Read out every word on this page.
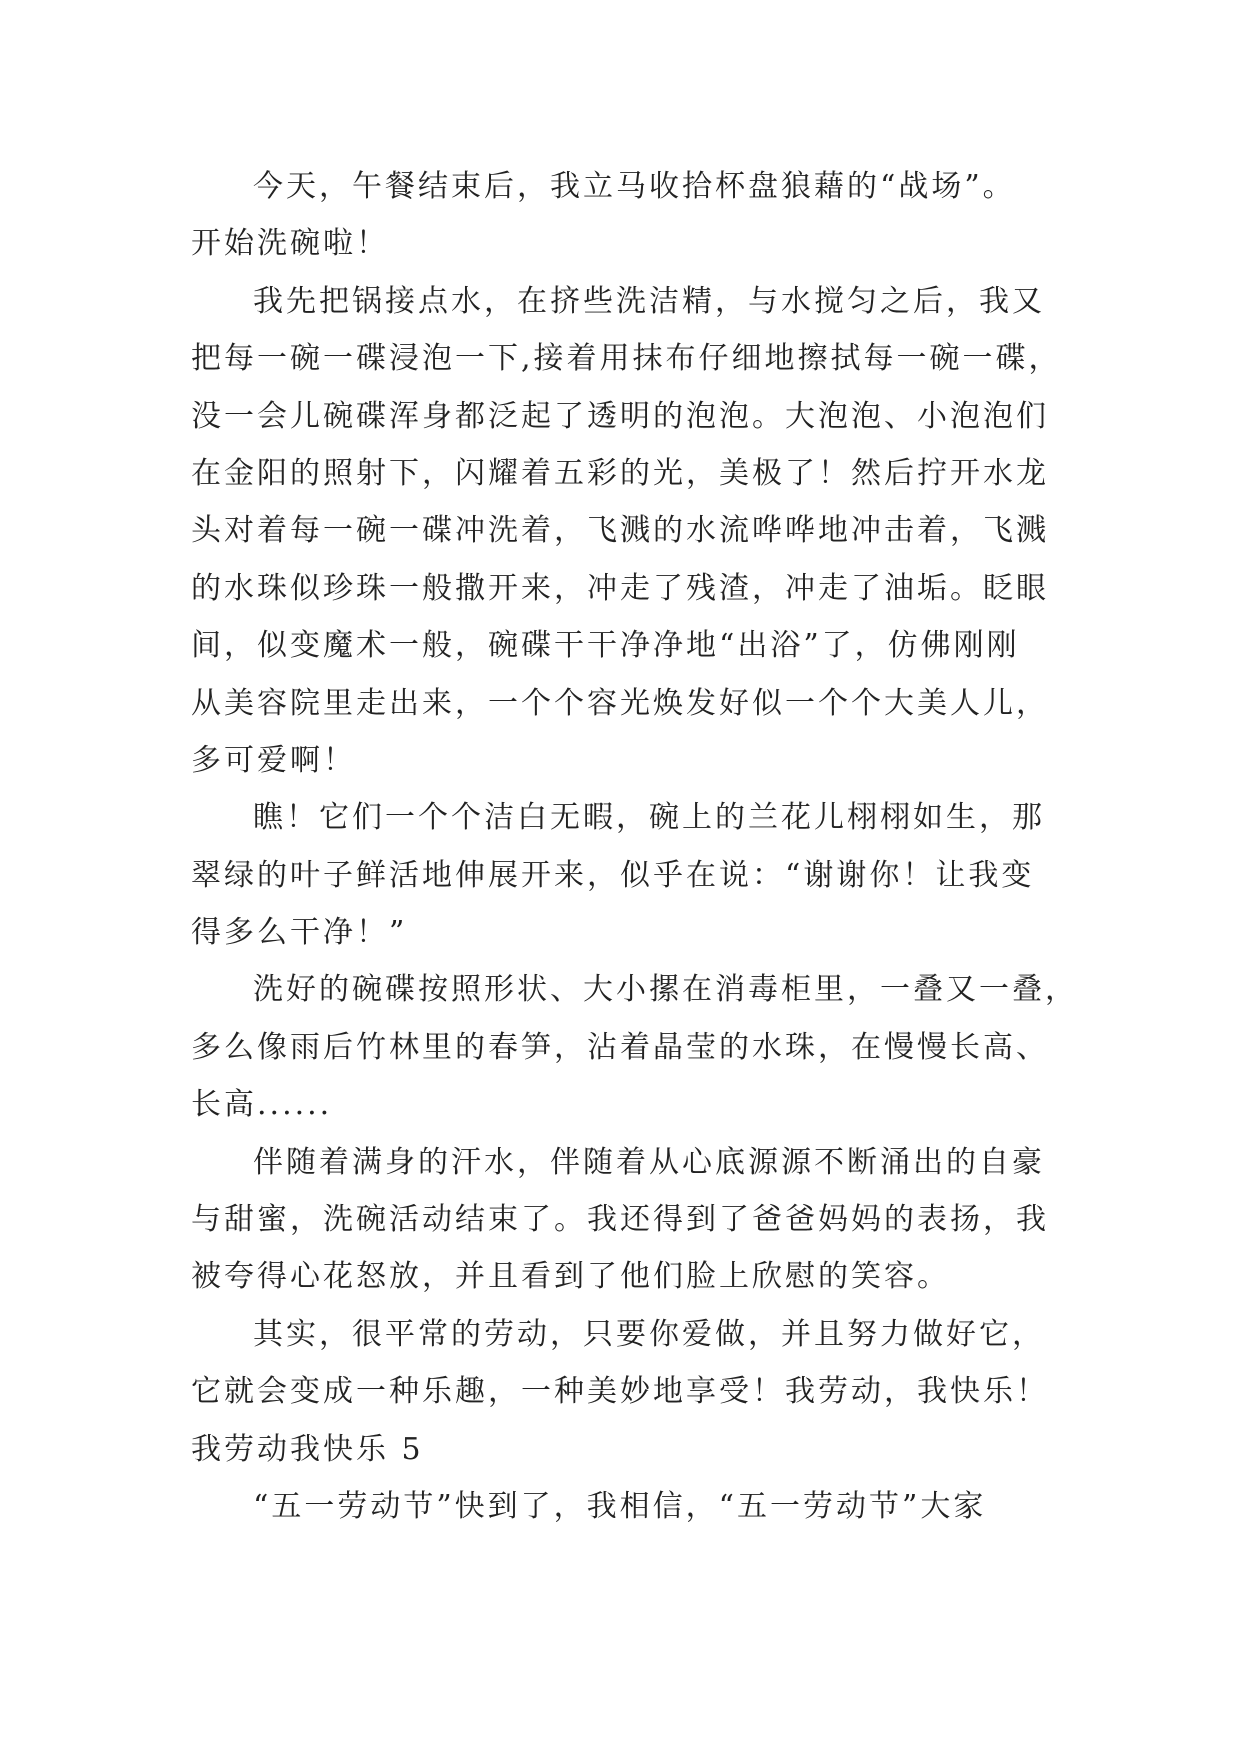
今天，午餐结束后，我立马收拾杯盘狼藉的“战场”。
开始洗碗啦！
我先把锅接点水，在挤些洗洁精，与水搅匀之后，我又
把每一碗一碟浸泡一下,接着用抹布仔细地擦拭每一碗一碟，
没一会儿碗碟浑身都泛起了透明的泡泡。大泡泡、小泡泡们
在金阳的照射下，闪耀着五彩的光，美极了！然后拧开水龙
头对着每一碗一碟冲洗着，飞溅的水流哗哗地冲击着，飞溅
的水珠似珍珠一般撒开来，冲走了残渣，冲走了油垢。眨眼
间，似变魔术一般，碗碟干干净净地“出浴”了，仿佛刚刚
从美容院里走出来，一个个容光焕发好似一个个大美人儿，
多可爱啊！
瞧！它们一个个洁白无暇，碗上的兰花儿栩栩如生，那
翠绿的叶子鲜活地伸展开来，似乎在说：“谢谢你！让我变
得多么干净！”
洗好的碗碟按照形状、大小摞在消毒柜里，一叠又一叠，
多么像雨后竹林里的春笋，沾着晶莹的水珠，在慢慢长高、
长高......
伴随着满身的汗水，伴随着从心底源源不断涌出的自豪
与甜蜜，洗碗活动结束了。我还得到了爸爸妈妈的表扬，我
被夸得心花怒放，并且看到了他们脸上欣慰的笑容。
其实，很平常的劳动，只要你爱做，并且努力做好它，
它就会变成一种乐趣，一种美妙地享受！我劳动，我快乐！
我劳动我快乐 5
“五一劳动节”快到了，我相信，“五一劳动节”大家
